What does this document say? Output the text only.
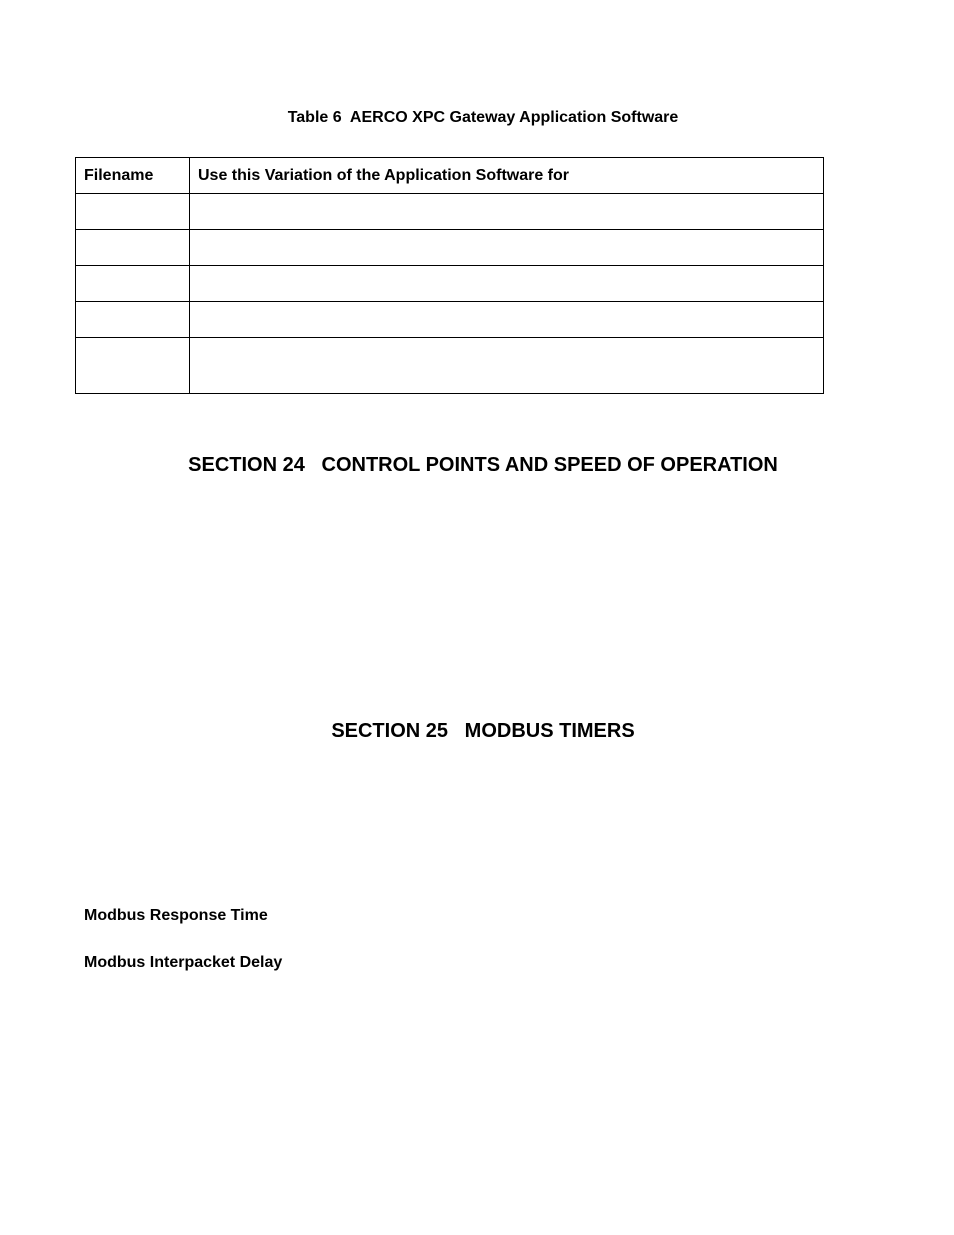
Table 6  AERCO XPC Gateway Application Software
Filename	Use this Variation of the Application Software for

SECTION 24   CONTROL POINTS AND SPEED OF OPERATION
SECTION 25   MODBUS TIMERS
Modbus Response Time
Modbus Interpacket Delay
